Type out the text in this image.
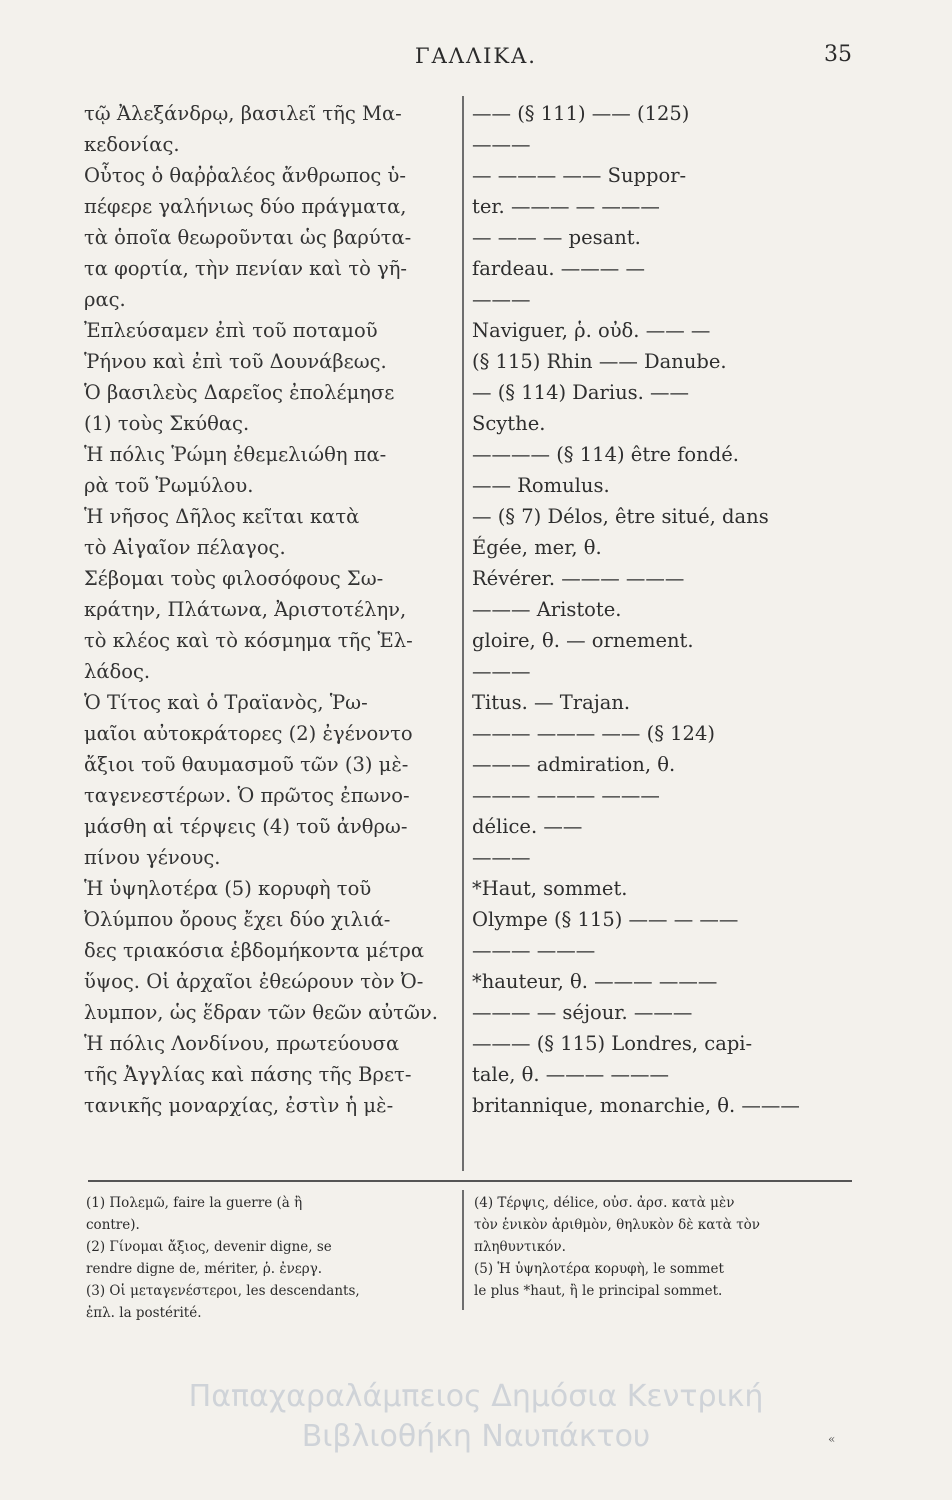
ΓΑΛΛΙΚΑ.	35
τῷ Ἀλεξάνδρῳ, βασιλεῖ τῆς Μα-
κεδονίας.
Οὗτος ὁ θαῤῥαλέος ἄνθρωπος ὑ-
πέφερε γαλήνιως δύο πράγματα,
τὰ ὁποῖα θεωροῦνται ὡς βαρύτα-
τα φορτία, τὴν πενίαν καὶ τὸ γῆ-
ρας.
Ἐπλεύσαμεν ἐπὶ τοῦ ποταμοῦ
Ῥήνου καὶ ἐπὶ τοῦ Δουνάβεως.
Ὁ βασιλεὺς Δαρεῖος ἐπολέμησε
(1) τοὺς Σκύθας.
Ἡ πόλις Ῥώμη ἐθεμελιώθη πα-
ρὰ τοῦ Ῥωμύλου.
Ἡ νῆσος Δῆλος κεῖται κατὰ
τὸ Αἰγαῖον πέλαγος.
Σέβομαι τοὺς φιλοσόφους Σω-
κράτην, Πλάτωνα, Ἀριστοτέλην,
τὸ κλέος καὶ τὸ κόσμημα τῆς Ἑλ-
λάδος.
Ὁ Τίτος καὶ ὁ Τραϊανὸς, Ῥω-
μαῖοι αὐτοκράτορες (2) ἐγένοντο
ἄξιοι τοῦ θαυμασμοῦ τῶν (3) μὲ-
ταγενεστέρων. Ὁ πρῶτος ἐπωνο-
μάσθη αἱ τέρψεις (4) τοῦ ἀνθρω-
πίνου γένους.
Ἡ ὑψηλοτέρα (5) κορυφὴ τοῦ
Ὀλύμπου ὄρους ἔχει δύο χιλιά-
δες τριακόσια ἑβδομήκοντα μέτρα
ὕψος. Οἱ ἀρχαῖοι ἐθεώρουν τὸν Ὀ-
λυμπον, ὡς ἕδραν τῶν θεῶν αὐτῶν.
Ἡ πόλις Λονδίνου, πρωτεύουσα
τῆς Ἀγγλίας καὶ πάσης τῆς Βρετ-
τανικῆς μοναρχίας, ἐστὶν ἡ μὲ-
—— (§ 111) —— (125)
———
— ——— —— Suppor-
ter. ——— — ———
— —— — pesant.
fardeau. ——— —
———
Naviguer, ῥ. οὐδ. —— —
(§ 115) Rhin —— Danube.
— (§ 114) Darius. ——
Scythe.
———— (§ 114) être fondé.
—— Romulus.
— (§ 7) Délos, être situé, dans
Égée, mer, θ.
Révérer. ——— ———
——— Aristote.
gloire, θ. — ornement.
———
Titus. — Trajan.
——— ——— —— (§ 124)
——— admiration, θ.
——— ——— ———
délice. ——
———
*Haut, sommet.
Olympe (§ 115) —— — ——
——— ———
*hauteur, θ. ——— ———
——— — séjour. ———
——— (§ 115) Londres, capi-
tale, θ. ——— ———
britannique, monarchie, θ. ———
(1) Πολεμῶ, faire la guerre (à ἢ
contre).
(2) Γίνομαι ἄξιος, devenir digne, se
rendre digne de, mériter, ῥ. ἐνεργ.
(3) Οἱ μεταγενέστεροι, les descendants,
ἐπλ. la postérité.
(4) Τέρψις, délice, οὐσ. ἀρσ. κατὰ μὲν
τὸν ἑνικὸν ἀριθμὸν, θηλυκὸν δὲ κατὰ τὸν
πληθυντικόν.
(5) Ἡ ὑψηλοτέρα κορυφὴ, le sommet
le plus *haut, ἢ le principal sommet.
Παπαχαραλάμπειος Δημόσια Κεντρική
Βιβλιοθήκη Ναυπάκτου	«
